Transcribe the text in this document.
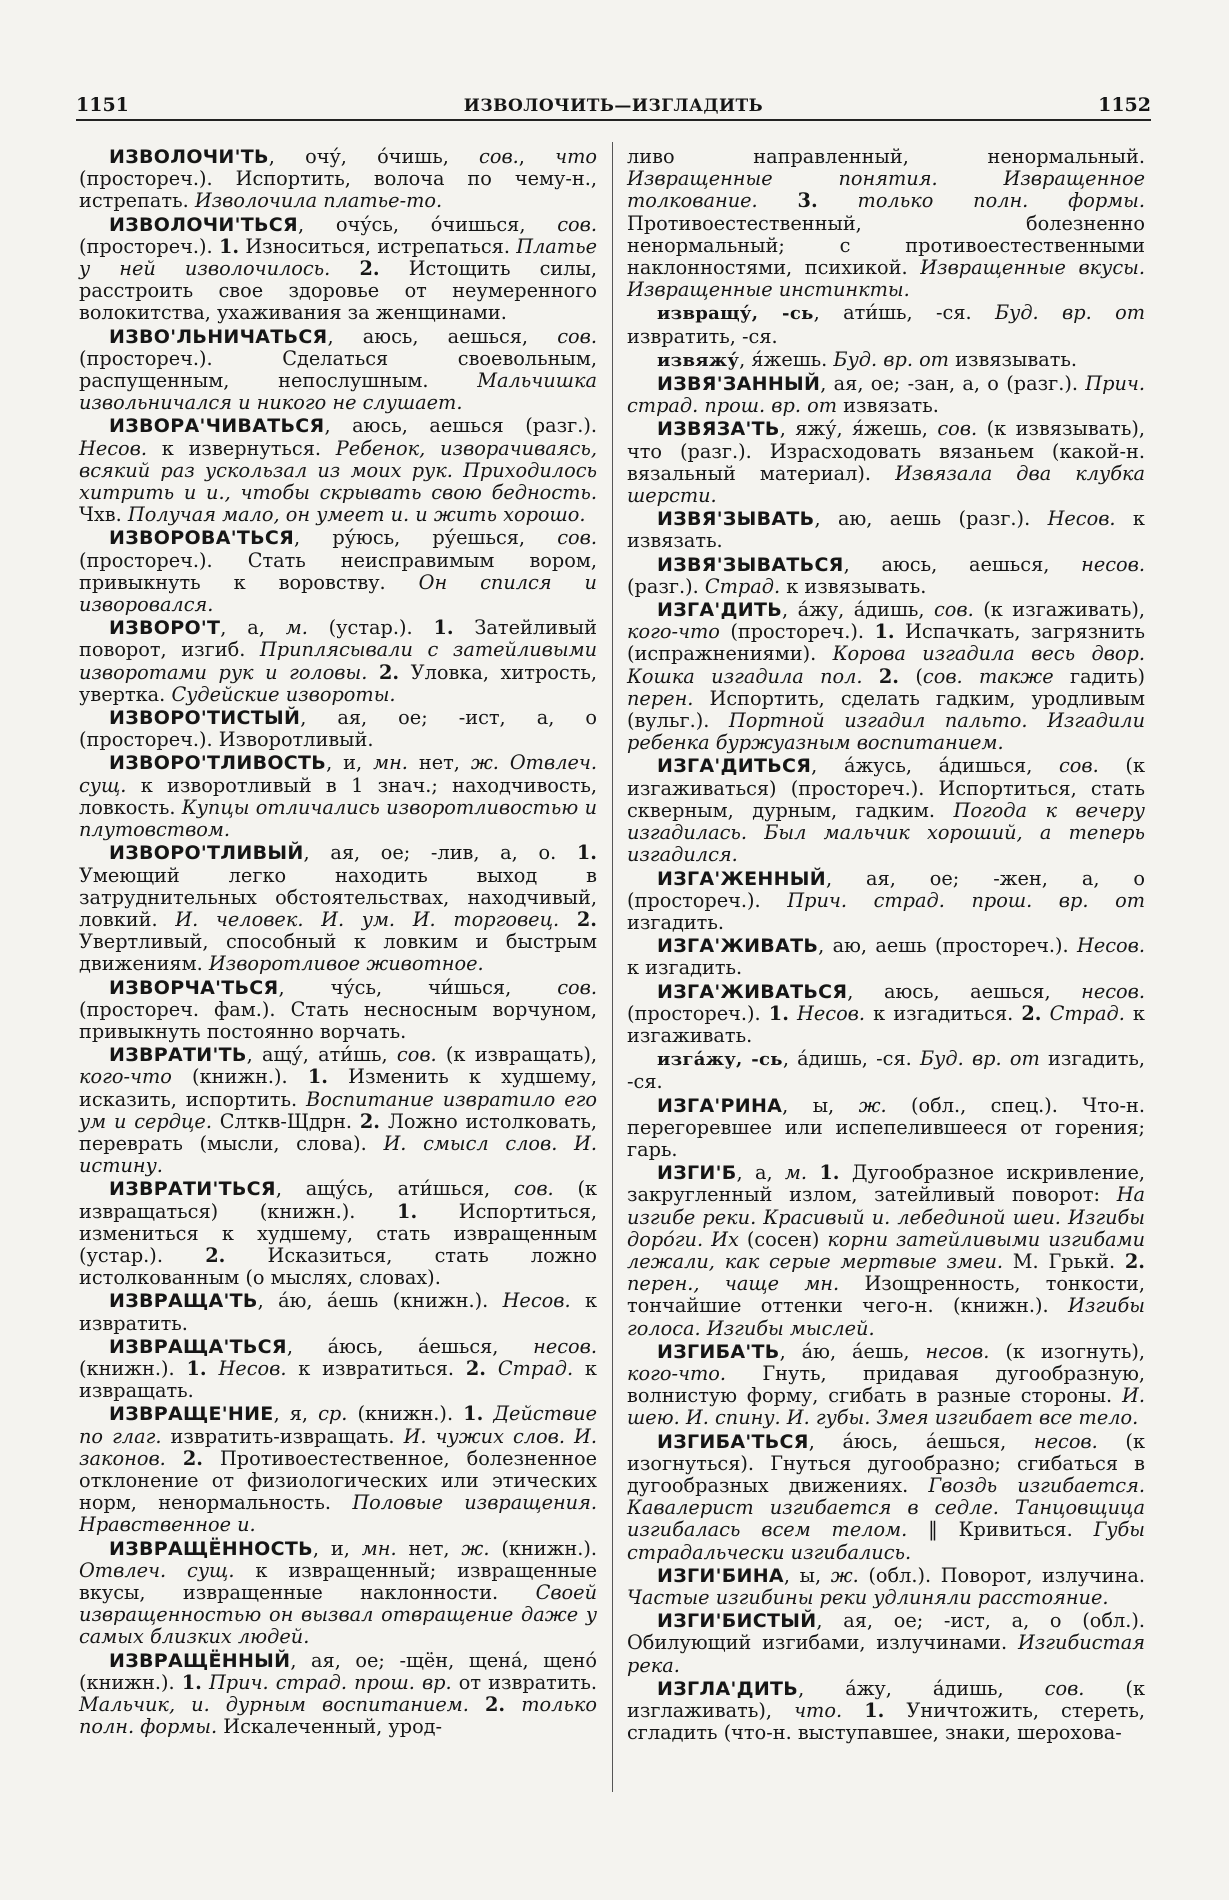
1151	ИЗВОЛОЧИТЬ—ИЗГЛАДИТЬ	1152

ИЗВОЛОЧИ'ТЬ, очу́, о́чишь, сов., что (простореч.). Испортить, волоча по чему-н., истрепать. Изволочила платье-то.

ИЗВОЛОЧИ'ТЬСЯ, очу́сь, о́чишься, сов. (простореч.). 1. Износиться, истрепаться. Платье у ней изволочилось. 2. Истощить силы, расстроить свое здоровье от неумеренного волокитства, ухаживания за женщинами.

ИЗВО'ЛЬНИЧАТЬСЯ, аюсь, аешься, сов. (простореч.). Сделаться своевольным, распущенным, непослушным. Мальчишка извольничался и никого не слушает.

ИЗВОРА'ЧИВАТЬСЯ, аюсь, аешься (разг.). Несов. к извернуться. Ребенок, изворачиваясь, всякий раз ускользал из моих рук. Приходилось хитрить и и., чтобы скрывать свою бедность. Чхв. Получая мало, он умеет и. и жить хорошо.

ИЗВОРОВА'ТЬСЯ, ру́юсь, ру́ешься, сов. (простореч.). Стать неисправимым вором, привыкнуть к воровству. Он спился и изворовался.

ИЗВОРО'Т, а, м. (устар.). 1. Затейливый поворот, изгиб. Приплясывали с затейливыми изворотами рук и головы. 2. Уловка, хитрость, увертка. Судейские извороты.

ИЗВОРО'ТИСТЫЙ, ая, ое; -ист, а, о (простореч.). Изворотливый.

ИЗВОРО'ТЛИВОСТЬ, и, мн. нет, ж. Отвлеч. сущ. к изворотливый в 1 знач.; находчивость, ловкость. Купцы отличались изворотливостью и плутовством.

ИЗВОРО'ТЛИВЫЙ, ая, ое; -лив, а, о. 1. Умеющий легко находить выход в затруднительных обстоятельствах, находчивый, ловкий. И. человек. И. ум. И. торговец. 2. Увертливый, способный к ловким и быстрым движениям. Изворотливое животное.

ИЗВОРЧА'ТЬСЯ, чу́сь, чи́шься, сов. (простореч. фам.). Стать несносным ворчуном, привыкнуть постоянно ворчать.

ИЗВРАТИ'ТЬ, ащу́, ати́шь, сов. (к извращать), кого-что (книжн.). 1. Изменить к худшему, исказить, испортить. Воспитание извратило его ум и сердце. Слткв-Щдрн. 2. Ложно истолковать, переврать (мысли, слова). И. смысл слов. И. истину.

ИЗВРАТИ'ТЬСЯ, ащу́сь, ати́шься, сов. (к извращаться) (книжн.). 1. Испортиться, измениться к худшему, стать извращенным (устар.). 2. Исказиться, стать ложно истолкованным (о мыслях, словах).

ИЗВРАЩА'ТЬ, а́ю, а́ешь (книжн.). Несов. к извратить.

ИЗВРАЩА'ТЬСЯ, а́юсь, а́ешься, несов. (книжн.). 1. Несов. к извратиться. 2. Страд. к извращать.

ИЗВРАЩЕ'НИЕ, я, ср. (книжн.). 1. Действие по глаг. извратить-извращать. И. чужих слов. И. законов. 2. Противоестественное, болезненное отклонение от физиологических или этических норм, ненормальность. Половые извращения. Нравственное и.

ИЗВРАЩЁННОСТЬ, и, мн. нет, ж. (книжн.). Отвлеч. сущ. к извращенный; извращенные вкусы, извращенные наклонности. Своей извращенностью он вызвал отвращение даже у самых близких людей.

ИЗВРАЩЁННЫЙ, ая, ое; -щён, щена́, щено́ (книжн.). 1. Прич. страд. прош. вр. от извратить. Мальчик, и. дурным воспитанием. 2. только полн. формы. Искалеченный, урод-

ливо направленный, ненормальный. Извращенные понятия. Извращенное толкование. 3. только полн. формы. Противоестественный, болезненно ненормальный; с противоестественными наклонностями, психикой. Извращенные вкусы. Извращенные инстинкты.

извращу́, -сь, ати́шь, -ся. Буд. вр. от извратить, -ся.

извяжу́, я́жешь. Буд. вр. от извязывать.

ИЗВЯ'ЗАННЫЙ, ая, ое; -зан, а, о (разг.). Прич. страд. прош. вр. от извязать.

ИЗВЯЗА'ТЬ, яжу́, я́жешь, сов. (к извязывать), что (разг.). Израсходовать вязаньем (какой-н. вязальный материал). Извязала два клубка шерсти.

ИЗВЯ'ЗЫВАТЬ, аю, аешь (разг.). Несов. к извязать.

ИЗВЯ'ЗЫВАТЬСЯ, аюсь, аешься, несов. (разг.). Страд. к извязывать.

ИЗГА'ДИТЬ, а́жу, а́дишь, сов. (к изгаживать), кого-что (простореч.). 1. Испачкать, загрязнить (испражнениями). Корова изгадила весь двор. Кошка изгадила пол. 2. (сов. также гадить) перен. Испортить, сделать гадким, уродливым (вульг.). Портной изгадил пальто. Изгадили ребенка буржуазным воспитанием.

ИЗГА'ДИТЬСЯ, а́жусь, а́дишься, сов. (к изгаживаться) (простореч.). Испортиться, стать скверным, дурным, гадким. Погода к вечеру изгадилась. Был мальчик хороший, а теперь изгадился.

ИЗГА'ЖЕННЫЙ, ая, ое; -жен, а, о (простореч.). Прич. страд. прош. вр. от изгадить.

ИЗГА'ЖИВАТЬ, аю, аешь (простореч.). Несов. к изгадить.

ИЗГА'ЖИВАТЬСЯ, аюсь, аешься, несов. (простореч.). 1. Несов. к изгадиться. 2. Страд. к изгаживать.

изга́жу, -сь, а́дишь, -ся. Буд. вр. от изгадить, -ся.

ИЗГА'РИНА, ы, ж. (обл., спец.). Что-н. перегоревшее или испепелившееся от горения; гарь.

ИЗГИ'Б, а, м. 1. Дугообразное искривление, закругленный излом, затейливый поворот: На изгибе реки. Красивый и. лебединой шеи. Изгибы доро́ги. Их (сосен) корни затейливыми изгибами лежали, как серые мертвые змеи. М. Грькй. 2. перен., чаще мн. Изощренность, тонкости, тончайшие оттенки чего-н. (книжн.). Изгибы голоса. Изгибы мыслей.

ИЗГИБА'ТЬ, а́ю, а́ешь, несов. (к изогнуть), кого-что. Гнуть, придавая дугообразную, волнистую форму, сгибать в разные стороны. И. шею. И. спину. И. губы. Змея изгибает все тело.

ИЗГИБА'ТЬСЯ, а́юсь, а́ешься, несов. (к изогнуться). Гнуться дугообразно; сгибаться в дугообразных движениях. Гвоздь изгибается. Кавалерист изгибается в седле. Танцовщица изгибалась всем телом. ‖ Кривиться. Губы страдальчески изгибались.

ИЗГИ'БИНА, ы, ж. (обл.). Поворот, излучина. Частые изгибины реки удлиняли расстояние.

ИЗГИ'БИСТЫЙ, ая, ое; -ист, а, о (обл.). Обилующий изгибами, излучинами. Изгибистая река.

ИЗГЛА'ДИТЬ, а́жу, а́дишь, сов. (к изглаживать), что. 1. Уничтожить, стереть, сгладить (что-н. выступавшее, знаки, шерохова-
